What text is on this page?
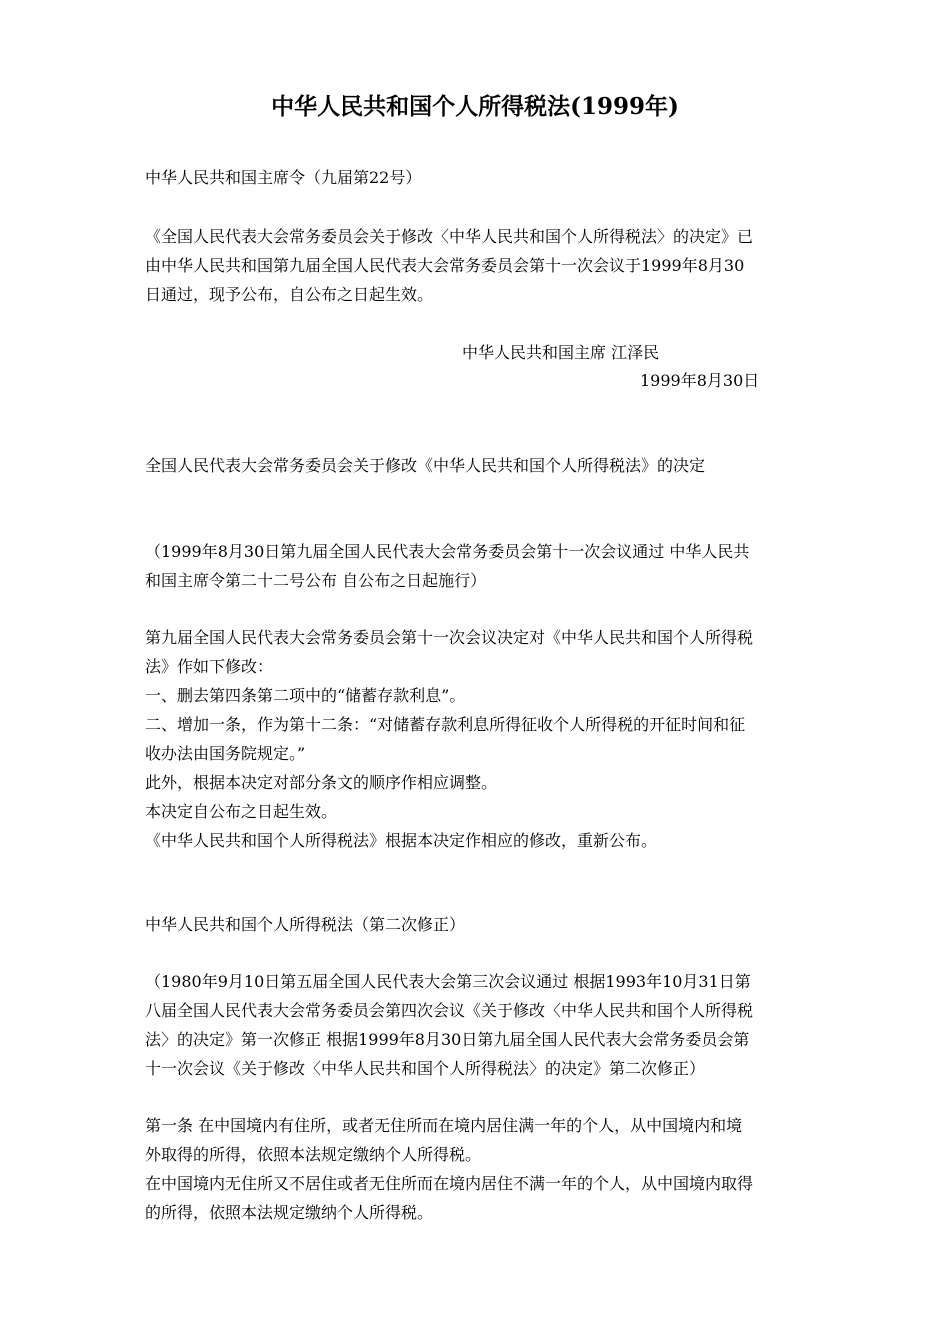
中华人民共和国个人所得税法(1999年)

中华人民共和国主席令（九届第22号）

《全国人民代表大会常务委员会关于修改〈中华人民共和国个人所得税法〉的决定》已
由中华人民共和国第九届全国人民代表大会常务委员会第十一次会议于1999年8月30
日通过，现予公布，自公布之日起生效。
中华人民共和国主席 江泽民
1999年8月30日

全国人民代表大会常务委员会关于修改《中华人民共和国个人所得税法》的决定

（1999年8月30日第九届全国人民代表大会常务委员会第十一次会议通过 中华人民共
和国主席令第二十二号公布 自公布之日起施行）
第九届全国人民代表大会常务委员会第十一次会议决定对《中华人民共和国个人所得税
法》作如下修改：
一、删去第四条第二项中的“储蓄存款利息”。
二、增加一条，作为第十二条：“对储蓄存款利息所得征收个人所得税的开征时间和征
收办法由国务院规定。”
此外，根据本决定对部分条文的顺序作相应调整。
本决定自公布之日起生效。
《中华人民共和国个人所得税法》根据本决定作相应的修改，重新公布。

中华人民共和国个人所得税法（第二次修正）

（1980年9月10日第五届全国人民代表大会第三次会议通过 根据1993年10月31日第
八届全国人民代表大会常务委员会第四次会议《关于修改〈中华人民共和国个人所得税
法〉的决定》第一次修正 根据1999年8月30日第九届全国人民代表大会常务委员会第
十一次会议《关于修改〈中华人民共和国个人所得税法〉的决定》第二次修正）
第一条 在中国境内有住所，或者无住所而在境内居住满一年的个人，从中国境内和境
外取得的所得，依照本法规定缴纳个人所得税。
在中国境内无住所又不居住或者无住所而在境内居住不满一年的个人，从中国境内取得
的所得，依照本法规定缴纳个人所得税。
